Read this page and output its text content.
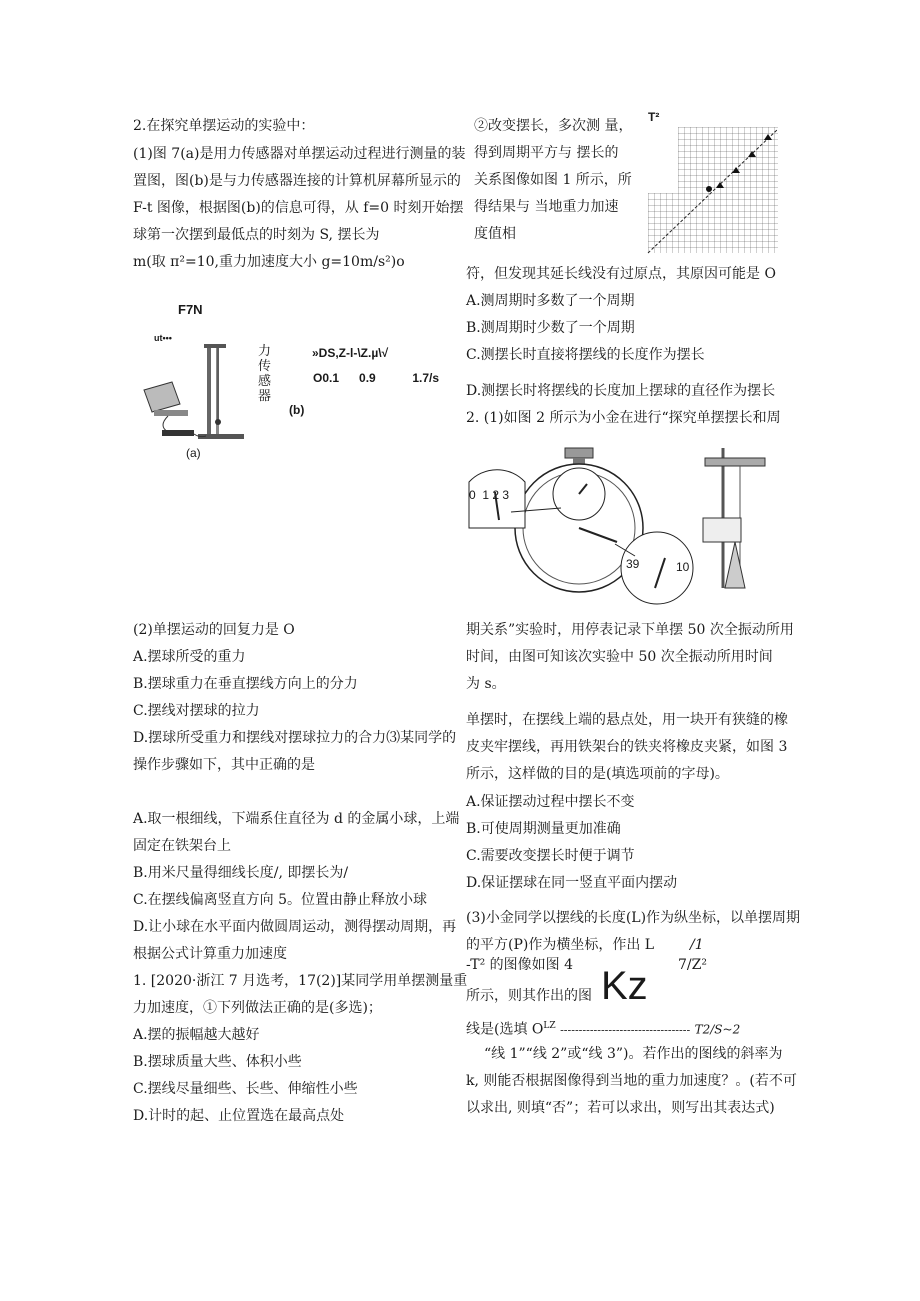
2.在探究单摆运动的实验中：
(1)图 7(a)是用力传感器对单摆运动过程进行测量的装
置图，图(b)是与力传感器连接的计算机屏幕所显示的
F-t 图像，根据图(b)的信息可得，从 f=0 时刻开始摆
球第一次摆到最低点的时刻为 S, 摆长为
m(取 π²=10,重力加速度大小 g=10m/s²)o
F7N
ut•••
力传感器
(a)
»DS,Z-l-\Z.µ\√
O0.1      0.9           1.7/s
(b)
(2)单摆运动的回复力是 O
A.摆球所受的重力
B.摆球重力在垂直摆线方向上的分力
C.摆线对摆球的拉力
D.摆球所受重力和摆线对摆球拉力的合力⑶某同学的
操作步骤如下，其中正确的是
A.取一根细线，下端系住直径为 d 的金属小球，上端
固定在铁架台上
B.用米尺量得细线长度/, 即摆长为/
C.在摆线偏离竖直方向 5。位置由静止释放小球
D.让小球在水平面内做圆周运动，测得摆动周期，再
根据公式计算重力加速度
1. [2020·浙江 7 月选考，17(2)]某同学用单摆测量重
力加速度，①下列做法正确的是(多选)；
A.摆的振幅越大越好
B.摆球质量大些、体积小些
C.摆线尽量细些、长些、伸缩性小些
D.计时的起、止位置选在最高点处
②改变摆长，多次测 量，
得到周期平方与 摆长的
关系图像如图 1 所示，所
得结果与 当地重力加速
度值相
T²
符，但发现其延长线没有过原点，其原因可能是 O
A.测周期时多数了一个周期
B.测周期时少数了一个周期
C.测摆长时直接将摆线的长度作为摆长
D.测摆长时将摆线的长度加上摆球的直径作为摆长
2. (1)如图 2 所示为小金在进行“探究单摆摆长和周
0  1 2 3
39	10
期关系”实验时，用停表记录下单摆 50 次全振动所用
时间，由图可知该次实验中 50 次全振动所用时间
为 s。
单摆时，在摆线上端的悬点处，用一块开有狭缝的橡
皮夹牢摆线，再用铁架台的铁夹将橡皮夹紧，如图 3
所示，这样做的目的是(填选项前的字母)。
A.保证摆动过程中摆长不变
B.可使周期测量更加准确
C.需要改变摆长时便于调节
D.保证摆球在同一竖直平面内摆动
(3)小金同学以摆线的长度(L)作为纵坐标，以单摆周期
的平方(P)作为横坐标，作出 L	/1
-T² 的图像如图 4	7/Z²
所示，则其作出的图 Kz
线是(选填 $O^{LZ}$ ----------------------------------- T2/S~2
“线 1”“线 2”或“线 3”)。若作出的图线的斜率为
k, 则能否根据图像得到当地的重力加速度？。(若不可
以求出, 则填“否”；若可以求出，则写出其表达式)
